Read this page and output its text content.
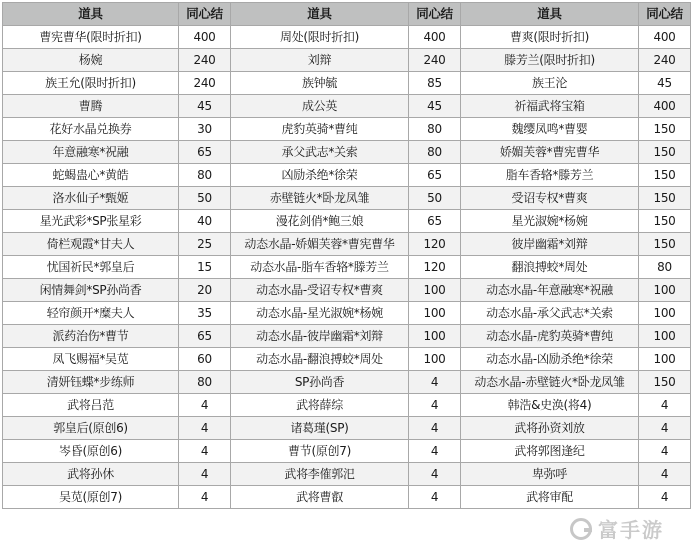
道具	同心结	道具	同心结	道具	同心结
曹宪曹华(限时折扣)	400	周处(限时折扣)	400	曹爽(限时折扣)	400
杨婉	240	刘辩	240	滕芳兰(限时折扣)	240
族王允(限时折扣)	240	族钟毓	85	族王沦	45
曹腾	45	成公英	45	祈福武将宝箱	400
花好水晶兑换券	30	虎豹英骑*曹纯	80	魏缨凤鸣*曹婴	150
年意融寒*祝融	65	承父武志*关索	80	娇媚芙蓉*曹宪曹华	150
蛇蝎蛊心*黄皓	80	凶励杀绝*徐荣	65	脂车香辂*滕芳兰	150
洛水仙子*甄姬	50	赤壁链火*卧龙凤雏	50	受诏专权*曹爽	150
星光武彩*SP张星彩	40	漫花剑俏*鲍三娘	65	星光淑婉*杨婉	150
倚栏观霞*甘夫人	25	动态水晶-娇媚芙蓉*曹宪曹华	120	彼岸幽霜*刘辩	150
忧国祈民*郭皇后	15	动态水晶-脂车香辂*滕芳兰	120	翻浪搏蛟*周处	80
闲情舞剑*SP孙尚香	20	动态水晶-受诏专权*曹爽	100	动态水晶-年意融寒*祝融	100
轻帘颜开*糜夫人	35	动态水晶-星光淑婉*杨婉	100	动态水晶-承父武志*关索	100
派药治伤*曹节	65	动态水晶-彼岸幽霜*刘辩	100	动态水晶-虎豹英骑*曹纯	100
凤飞赐福*吴苋	60	动态水晶-翻浪搏蛟*周处	100	动态水晶-凶励杀绝*徐荣	100
清妍钰蝶*步练师	80	SP孙尚香	4	动态水晶-赤壁链火*卧龙凤雏	150
武将吕范	4	武将薛综	4	韩浩&史涣(将4)	4
郭皇后(原创6)	4	诸葛瑾(SP)	4	武将孙资刘放	4
岑昏(原创6)	4	曹节(原创7)	4	武将郭图逢纪	4
武将孙休	4	武将李傕郭汜	4	卑弥呼	4
吴苋(原创7)	4	武将曹叡	4	武将审配	4
富手游
